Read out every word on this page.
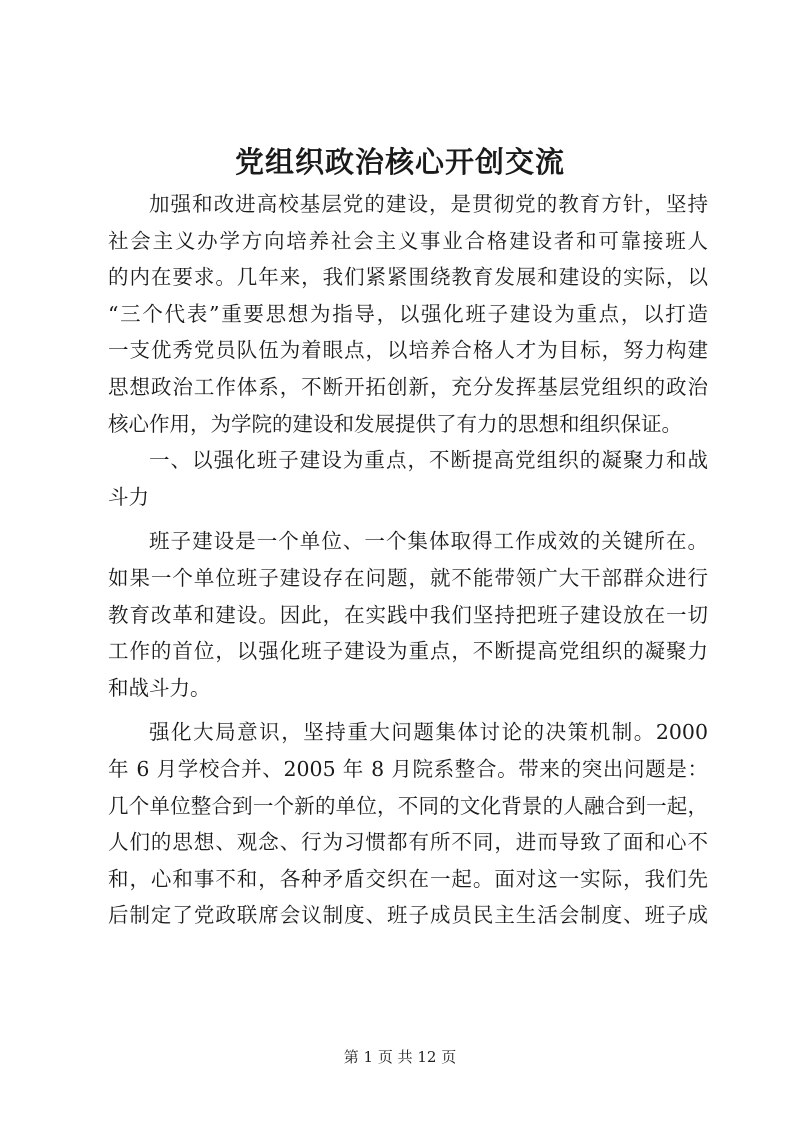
党组织政治核心开创交流
加强和改进高校基层党的建设，是贯彻党的教育方针，坚持
社会主义办学方向培养社会主义事业合格建设者和可靠接班人
的内在要求。几年来，我们紧紧围绕教育发展和建设的实际，以
“三个代表”重要思想为指导，以强化班子建设为重点，以打造
一支优秀党员队伍为着眼点，以培养合格人才为目标，努力构建
思想政治工作体系，不断开拓创新，充分发挥基层党组织的政治
核心作用，为学院的建设和发展提供了有力的思想和组织保证。
一、以强化班子建设为重点，不断提高党组织的凝聚力和战
斗力
班子建设是一个单位、一个集体取得工作成效的关键所在。
如果一个单位班子建设存在问题，就不能带领广大干部群众进行
教育改革和建设。因此，在实践中我们坚持把班子建设放在一切
工作的首位，以强化班子建设为重点，不断提高党组织的凝聚力
和战斗力。
强化大局意识，坚持重大问题集体讨论的决策机制。2000
年 6 月学校合并、2005 年 8 月院系整合。带来的突出问题是：
几个单位整合到一个新的单位，不同的文化背景的人融合到一起，
人们的思想、观念、行为习惯都有所不同，进而导致了面和心不
和，心和事不和，各种矛盾交织在一起。面对这一实际，我们先
后制定了党政联席会议制度、班子成员民主生活会制度、班子成
第 1 页 共 12 页
